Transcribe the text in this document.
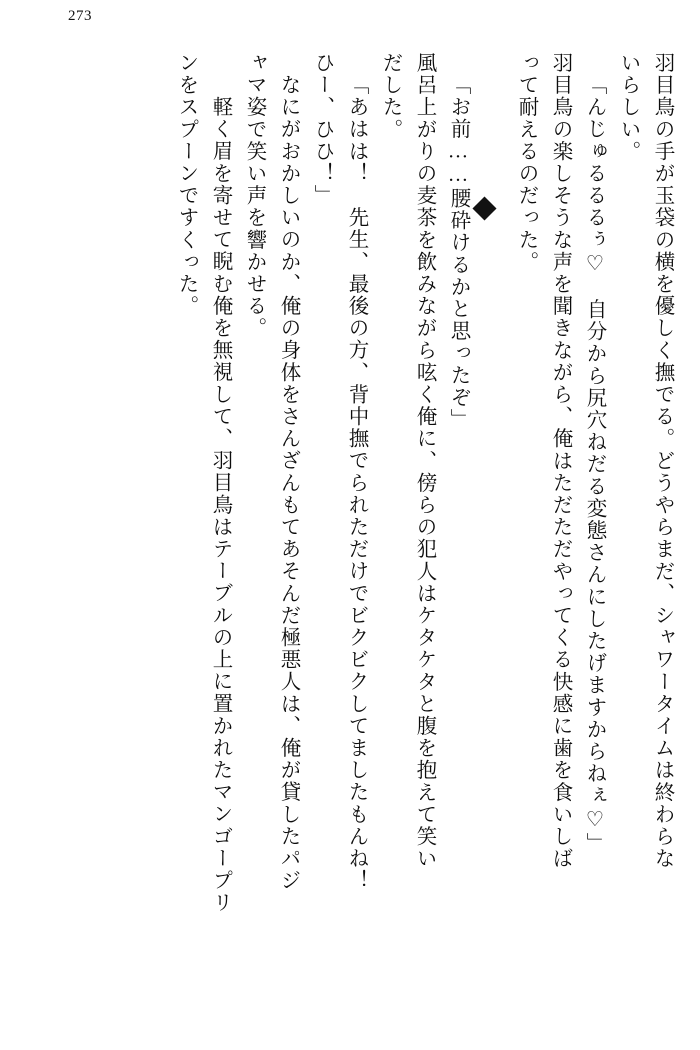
273
羽目鳥の手が玉袋の横を優しく撫でる。どうやらまだ、シャワータイムは終わらな
いらしい。
「んじゅるるるぅ♡　自分から尻穴ねだる変態さんにしたげますからねぇ♡」
羽目鳥の楽しそうな声を聞きながら、俺はただただやってくる快感に歯を食いしば
って耐えるのだった。
「お前……腰砕けるかと思ったぞ」
風呂上がりの麦茶を飲みながら呟く俺に、傍らの犯人はケタケタと腹を抱えて笑い
だした。
「あはは！　先生、最後の方、背中撫でられただけでビクビクしてましたもんね！
ひー、ひひ！」
なにがおかしいのか、俺の身体をさんざんもてあそんだ極悪人は、俺が貸したパジ
ャマ姿で笑い声を響かせる。
軽く眉を寄せて睨む俺を無視して、羽目鳥はテーブルの上に置かれたマンゴープリ
ンをスプーンですくった。
